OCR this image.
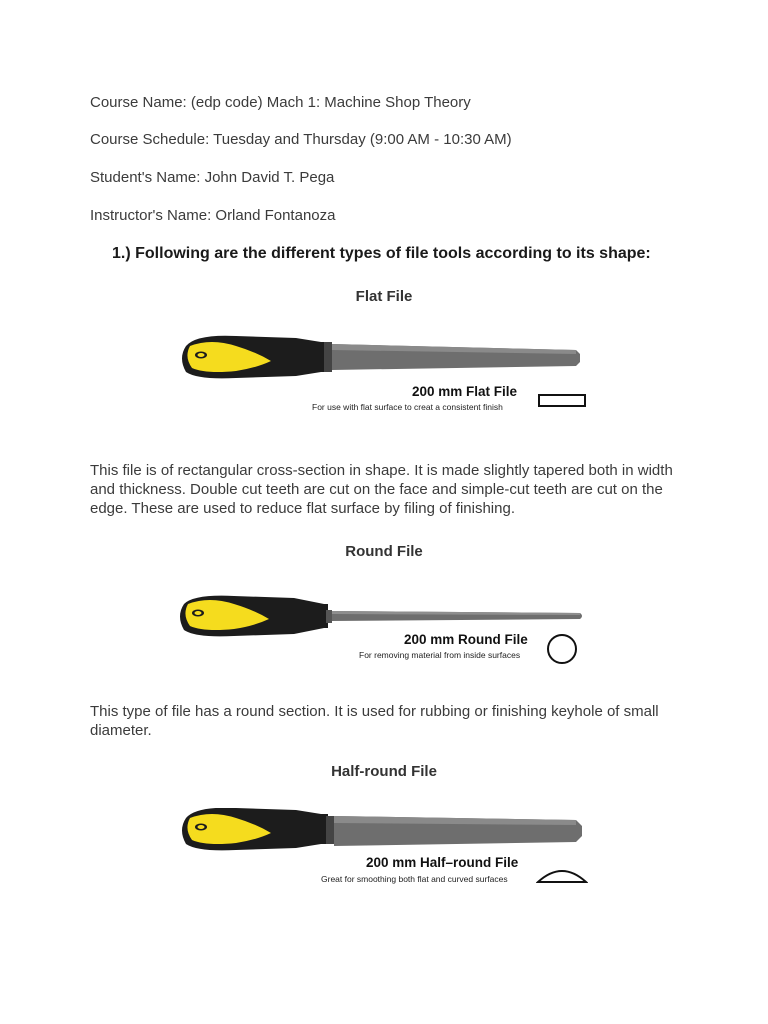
Course Name: (edp code) Mach 1: Machine Shop Theory
Course Schedule: Tuesday and Thursday (9:00 AM - 10:30 AM)
Student's Name: John David T. Pega
Instructor's Name: Orland Fontanoza
1.) Following are the different types of file tools according to its shape:
Flat File
200 mm Flat File
For use with flat surface to creat a consistent finish
This file is of rectangular cross-section in shape. It is made slightly tapered both in width and thickness. Double cut teeth are cut on the face and simple-cut teeth are cut on the edge. These are used to reduce flat surface by filing of finishing.
Round File
200 mm Round File
For removing material from inside surfaces
This type of file has a round section. It is used for rubbing or finishing keyhole of small diameter.
Half-round File
200 mm Half–round File
Great for smoothing both flat and curved surfaces
